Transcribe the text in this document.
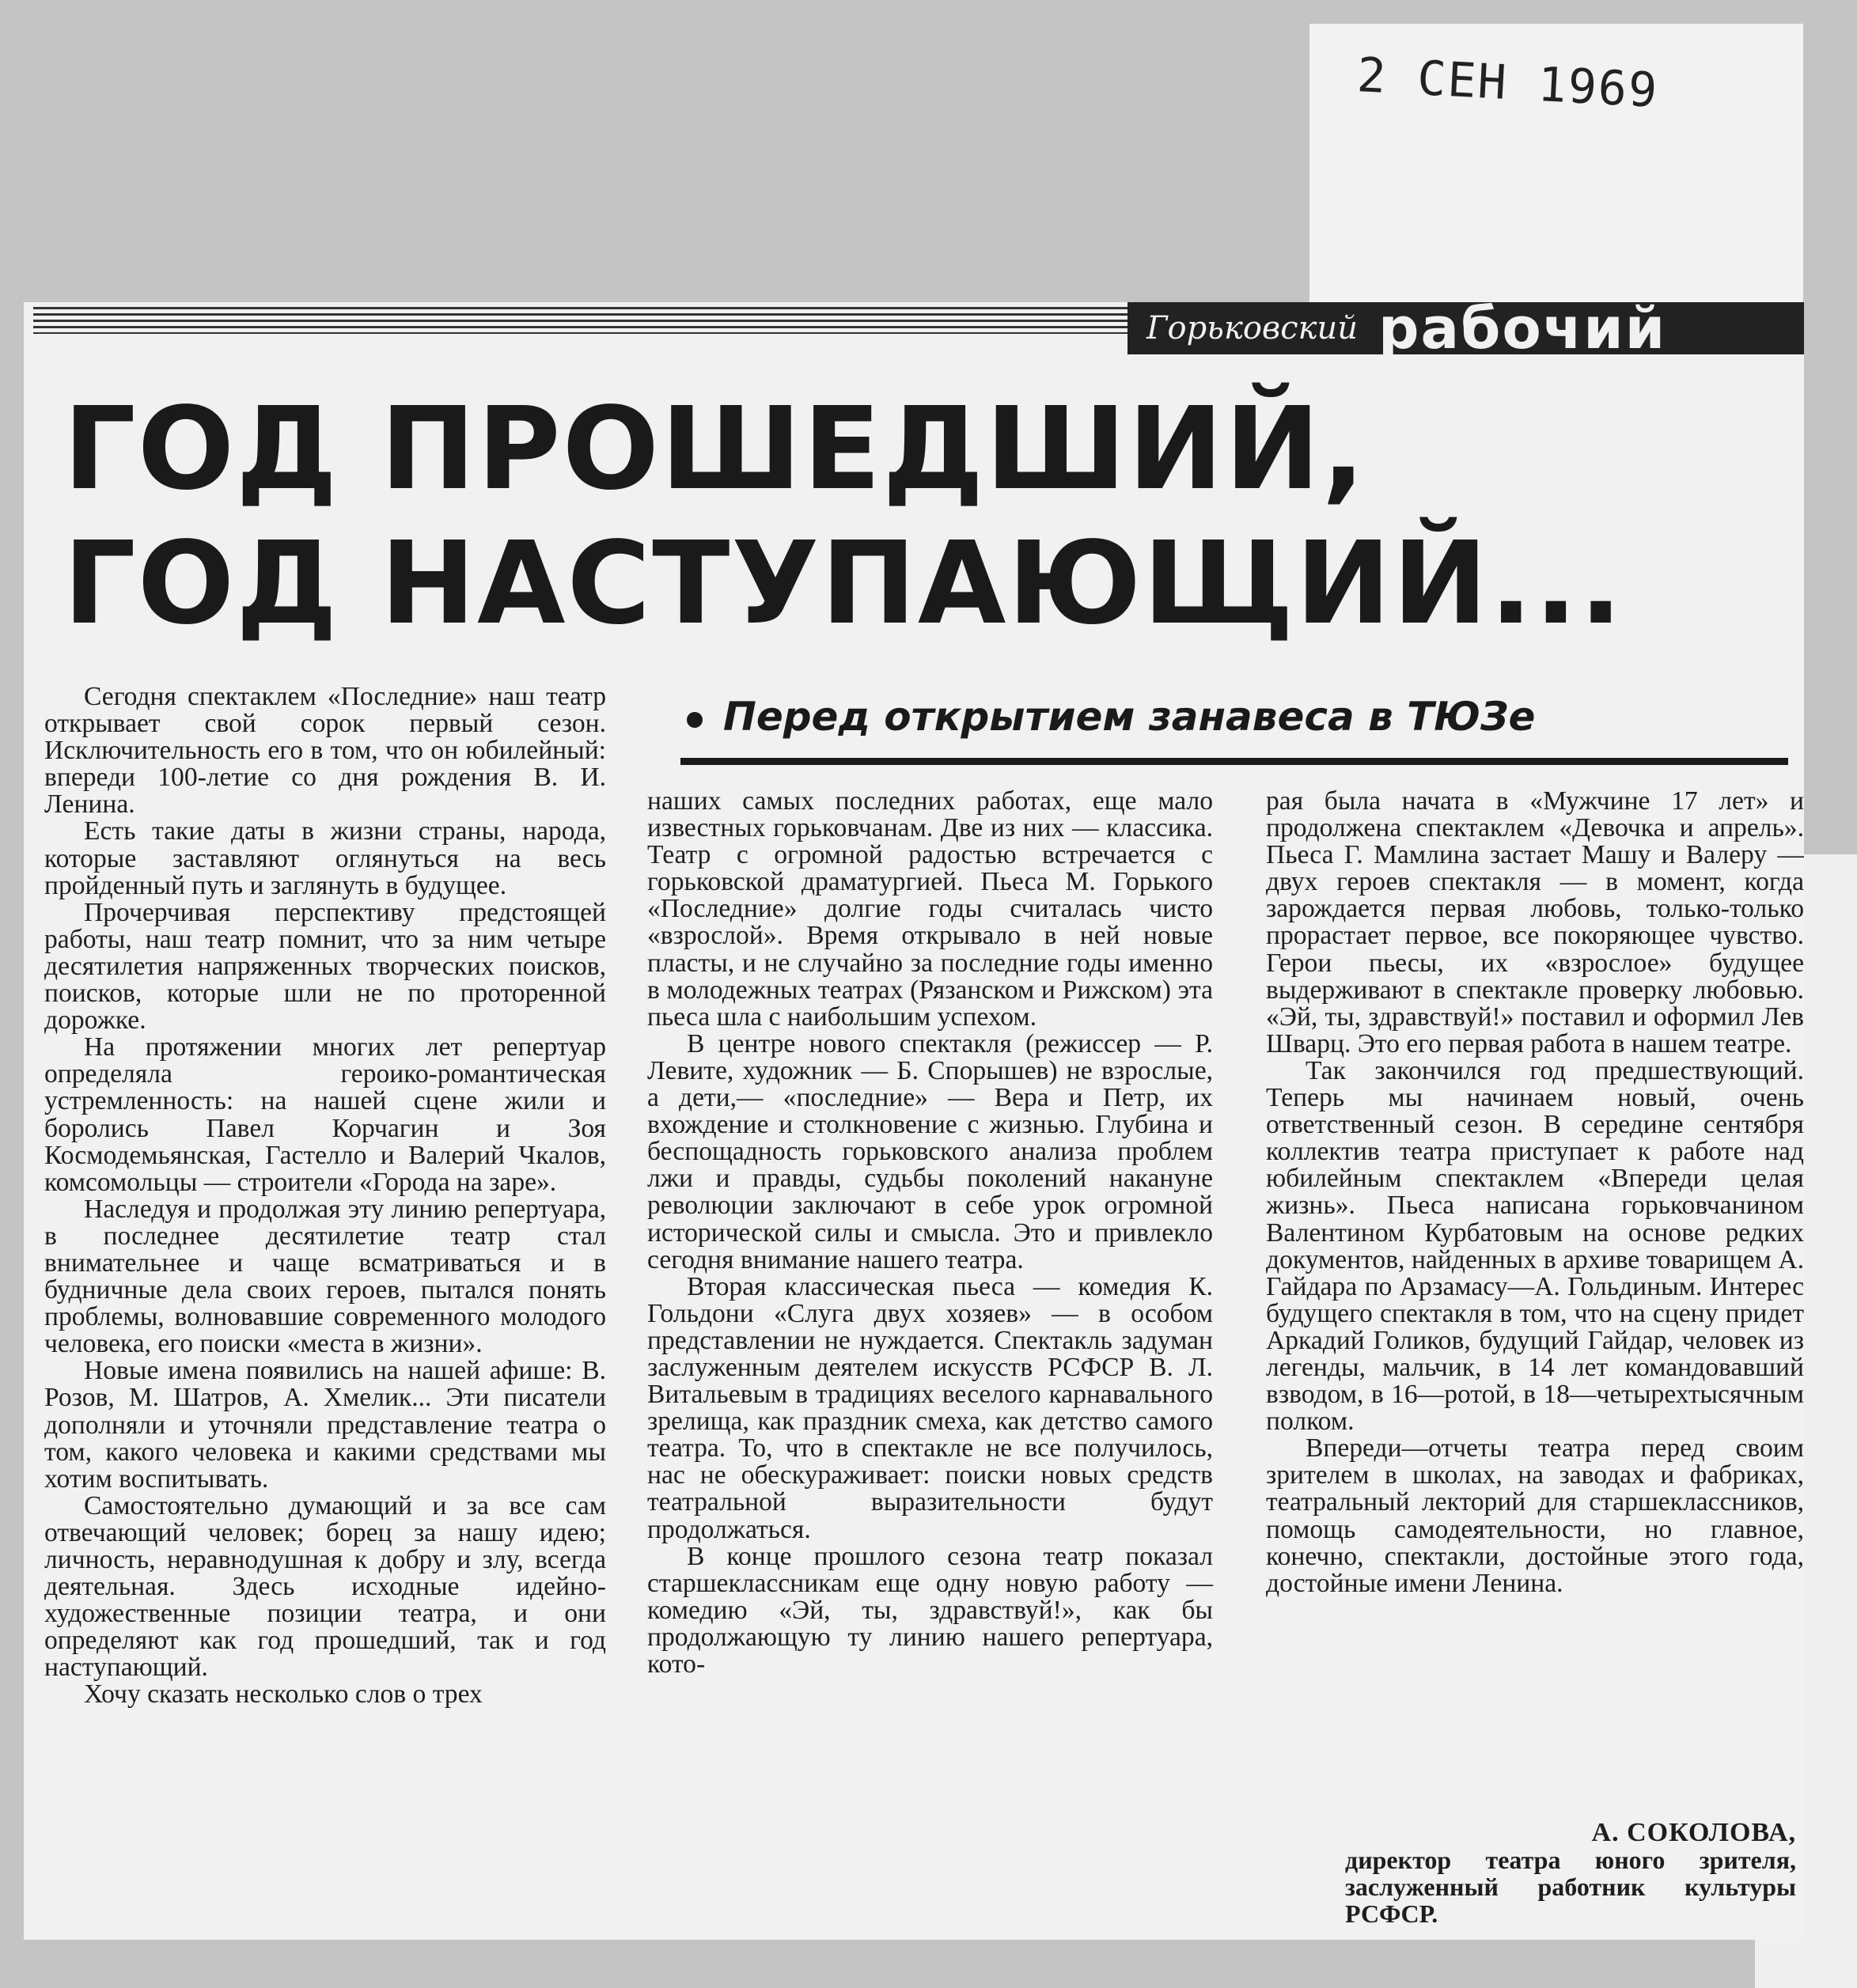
2 СЕН 1969
Горьковский рабочий
ГОД ПРОШЕДШИЙ,
ГОД НАСТУПАЮЩИЙ...
Перед открытием занавеса в ТЮЗе

Сегодня спектаклем «Последние» наш театр открывает свой сорок первый сезон. Исключительность его в том, что он юбилейный: впереди 100-летие со дня рождения В. И. Ленина.

Есть такие даты в жизни страны, народа, которые заставляют оглянуться на весь пройденный путь и заглянуть в будущее.

Прочерчивая перспективу предстоящей работы, наш театр помнит, что за ним четыре десятилетия напряженных творческих поисков, поисков, которые шли не по проторенной дорожке.

На протяжении многих лет репертуар определяла героико-романтическая устремленность: на нашей сцене жили и боролись Павел Корчагин и Зоя Космодемьянская, Гастелло и Валерий Чкалов, комсомольцы — строители «Города на заре».

Наследуя и продолжая эту линию репертуара, в последнее десятилетие театр стал внимательнее и чаще всматриваться и в будничные дела своих героев, пытался понять проблемы, волновавшие современного молодого человека, его поиски «места в жизни».

Новые имена появились на нашей афише: В. Розов, М. Шатров, А. Хмелик... Эти писатели дополняли и уточняли представление театра о том, какого человека и какими средствами мы хотим воспитывать.

Самостоятельно думающий и за все сам отвечающий человек; борец за нашу идею; личность, неравнодушная к добру и злу, всегда деятельная. Здесь исходные идейно-художественные позиции театра, и они определяют как год прошедший, так и год наступающий.

Хочу сказать несколько слов о трех

наших самых последних работах, еще мало известных горьковчанам. Две из них — классика. Театр с огромной радостью встречается с горьковской драматургией. Пьеса М. Горького «Последние» долгие годы считалась чисто «взрослой». Время открывало в ней новые пласты, и не случайно за последние годы именно в молодежных театрах (Рязанском и Рижском) эта пьеса шла с наибольшим успехом.

В центре нового спектакля (режиссер — Р. Левите, художник — Б. Спорышев) не взрослые, а дети,— «последние» — Вера и Петр, их вхождение и столкновение с жизнью. Глубина и беспощадность горьковского анализа проблем лжи и правды, судьбы поколений накануне революции заключают в себе урок огромной исторической силы и смысла. Это и привлекло сегодня внимание нашего театра.

Вторая классическая пьеса — комедия К. Гольдони «Слуга двух хозяев» — в особом представлении не нуждается. Спектакль задуман заслуженным деятелем искусств РСФСР В. Л. Витальевым в традициях веселого карнавального зрелища, как праздник смеха, как детство самого театра. То, что в спектакле не все получилось, нас не обескураживает: поиски новых средств театральной выразительности будут продолжаться.

В конце прошлого сезона театр показал старшеклассникам еще одну новую работу — комедию «Эй, ты, здравствуй!», как бы продолжающую ту линию нашего репертуара, кото-

рая была начата в «Мужчине 17 лет» и продолжена спектаклем «Девочка и апрель». Пьеса Г. Мамлина застает Машу и Валеру — двух героев спектакля — в момент, когда зарождается первая любовь, только-только прорастает первое, все покоряющее чувство. Герои пьесы, их «взрослое» будущее выдерживают в спектакле проверку любовью. «Эй, ты, здравствуй!» поставил и оформил Лев Шварц. Это его первая работа в нашем театре.

Так закончился год предшествующий. Теперь мы начинаем новый, очень ответственный сезон. В середине сентября коллектив театра приступает к работе над юбилейным спектаклем «Впереди целая жизнь». Пьеса написана горьковчанином Валентином Курбатовым на основе редких документов, найденных в архиве товарищем А. Гайдара по Арзамасу—А. Гольдиным. Интерес будущего спектакля в том, что на сцену придет Аркадий Голиков, будущий Гайдар, человек из легенды, мальчик, в 14 лет командовавший взводом, в 16—ротой, в 18—четырехтысячным полком.

Впереди—отчеты театра перед своим зрителем в школах, на заводах и фабриках, театральный лекторий для старшеклассников, помощь самодеятельности, но главное, конечно, спектакли, достойные этого года, достойные имени Ленина.

А. СОКОЛОВА,
директор театра юного зрителя, заслуженный работник культуры РСФСР.
